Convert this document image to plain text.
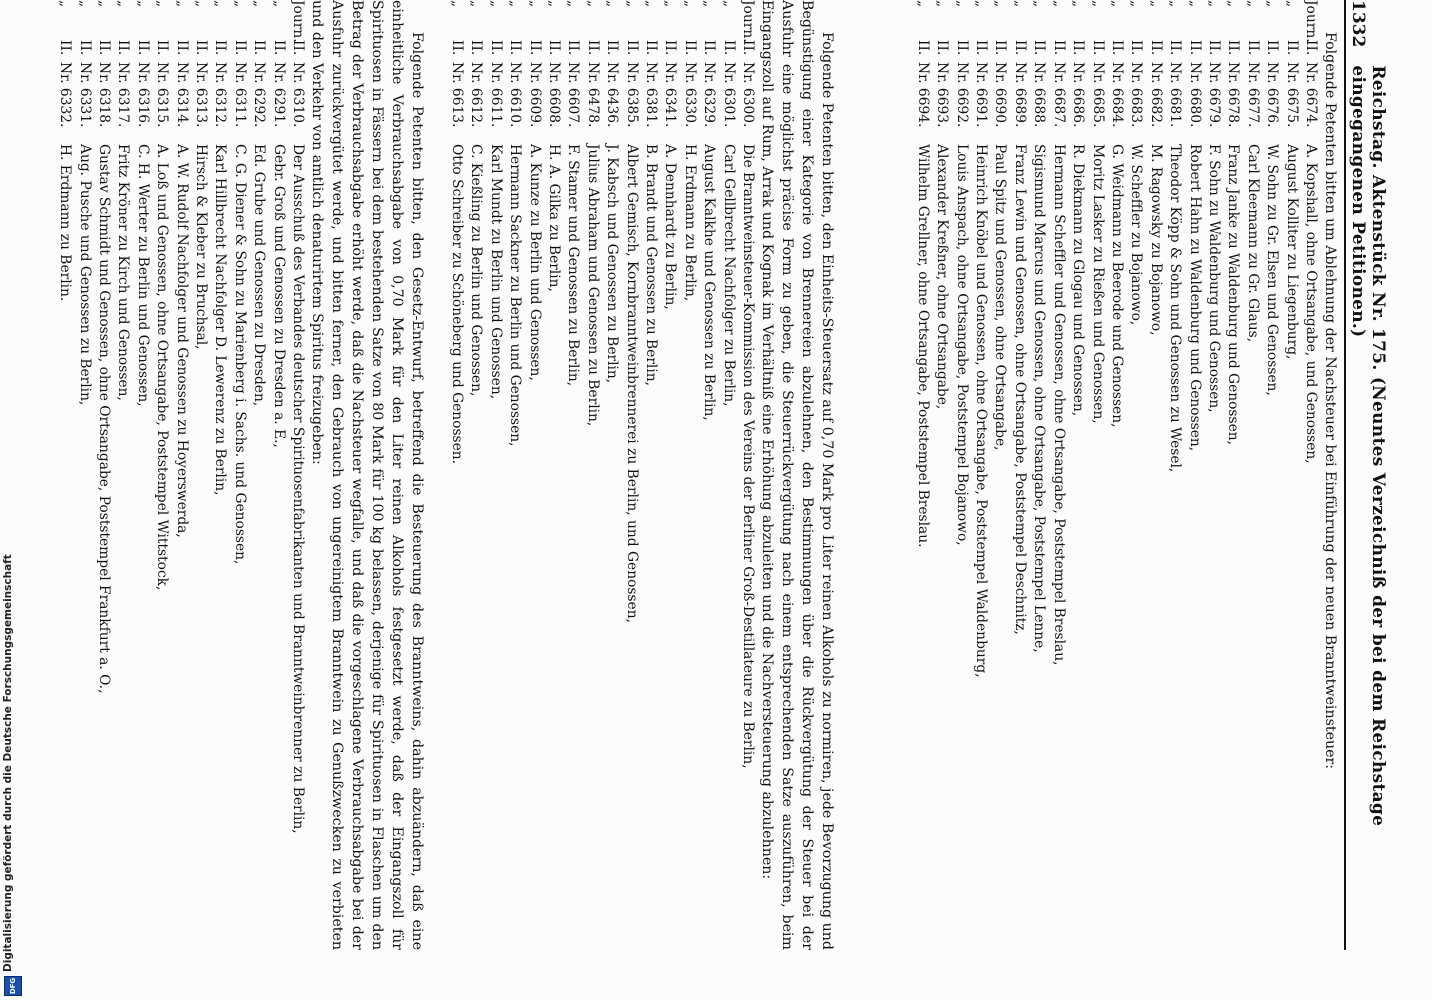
1332
Reichstag. Aktenstück Nr. 175. (Neuntes Verzeichniß der bei dem Reichstage eingegangenen Petitionen.)
Folgende Petenten bitten um Ablehnung der Nachsteuer bei Einführung der neuen Branntweinsteuer:
Journ.
II.
Nr. 6674.
A. Kopshall, ohne Ortsangabe, und Genossen,
„
II.
Nr. 6675.
August Kolliter zu Liegenburg,
„
II.
Nr. 6676.
W. Sohn zu Gr. Elsen und Genossen,
„
II.
Nr. 6677.
Carl Kleemann zu Gr. Glaus,
„
II.
Nr. 6678.
Franz Janke zu Waldenburg und Genossen,
„
II.
Nr. 6679.
F. Sohn zu Waldenburg und Genossen,
„
II.
Nr. 6680.
Robert Hahn zu Waldenburg und Genossen,
„
II.
Nr. 6681.
Theodor Köpp & Sohn und Genossen zu Wesel,
„
II.
Nr. 6682.
M. Ragowsky zu Bojanowo,
„
II.
Nr. 6683.
W. Scheffler zu Bojanowo,
„
II.
Nr. 6684.
G. Weidmann zu Beerode und Genossen,
„
II.
Nr. 6685.
Moritz Lasker zu Rießen und Genossen,
„
II.
Nr. 6686.
R. Diekmann zu Glogau und Genossen,
„
II.
Nr. 6687.
Hermann Scheffler und Genossen, ohne Ortsangabe, Poststempel Breslau,
„
II.
Nr. 6688.
Sigismund Marcus und Genossen, ohne Ortsangabe, Poststempel Lenne,
„
II.
Nr. 6689.
Franz Lewin und Genossen, ohne Ortsangabe, Poststempel Deschnitz,
„
II.
Nr. 6690.
Paul Spitz und Genossen, ohne Ortsangabe,
„
II.
Nr. 6691.
Heinrich Knöbel und Genossen, ohne Ortsangabe, Poststempel Waldenburg,
„
II.
Nr. 6692.
Louis Anspach, ohne Ortsangabe, Poststempel Bojanowo,
„
II.
Nr. 6693.
Alexander Kreßner, ohne Ortsangabe,
„
II.
Nr. 6694.
Wilhelm Grellner, ohne Ortsangabe, Poststempel Breslau.
Folgende Petenten bitten, den Einheits-Steuersatz auf 0,70 Mark pro Liter reinen Alkohols zu normiren, jede Bevorzugung und Begünstigung einer Kategorie von Brennereien abzulehnen, den Bestimmungen über die Rückvergütung der Steuer bei der Ausfuhr eine möglichst präcise Form zu geben, die Steuerrückvergütung nach einem entsprechenden Satze auszuführen, beim Eingangszoll auf Rum, Arrak und Kognak im Verhältniß eine Erhöhung abzuleiten und die Nachversteuerung abzulehnen:
Journ.
II.
Nr. 6300.
Die Branntweinsteuer-Kommission des Vereins der Berliner Groß-Destillateure zu Berlin,
„
II.
Nr. 6301.
Carl Gellbrecht Nachfolger zu Berlin,
„
II.
Nr. 6329.
August Kalkhe und Genossen zu Berlin,
„
II.
Nr. 6330.
H. Erdmann zu Berlin,
„
II.
Nr. 6341.
A. Dennhardt zu Berlin,
„
II.
Nr. 6381.
B. Brandt und Genossen zu Berlin,
„
II.
Nr. 6385.
Albert Gemisch, Kornbranntweinbrennerei zu Berlin, und Genossen,
„
II.
Nr. 6436.
J. Kabsch und Genossen zu Berlin,
„
II.
Nr. 6478.
Julius Abraham und Genossen zu Berlin,
„
II.
Nr. 6607.
F. Stamer und Genossen zu Berlin,
„
II.
Nr. 6608.
H. A. Gilka zu Berlin,
„
II.
Nr. 6609.
A. Kunze zu Berlin und Genossen,
„
II.
Nr. 6610.
Hermann Sackner zu Berlin und Genossen,
„
II.
Nr. 6611.
Karl Mundt zu Berlin und Genossen,
„
II.
Nr. 6612.
C. Kießling zu Berlin und Genossen,
„
II.
Nr. 6613.
Otto Schreiber zu Schöneberg und Genossen.
Folgende Petenten bitten, den Gesetz-Entwurf, betreffend die Besteuerung des Branntweins, dahin abzuändern, daß eine einheitliche Verbrauchsabgabe von 0,70 Mark für den Liter reinen Alkohols festgesetzt werde, daß der Eingangszoll für Spirituosen in Fässern bei dem bestehenden Satze von 80 Mark für 100 kg belassen, derjenige für Spirituosen in Flaschen um den Betrag der Verbrauchsabgabe erhöht werde, daß die Nachsteuer wegfalle, und daß die vorgeschlagene Verbrauchsabgabe bei der Ausfuhr zurückvergütet werde, und bitten ferner, den Gebrauch von ungereinigtem Branntwein zu Genußzwecken zu verbieten und den Verkehr von amtlich denaturirtem Spiritus freizugeben:
Journ.
II.
Nr. 6310.
Der Ausschuß des Verbandes deutscher Spirituosenfabrikanten und Branntweinbrenner zu Berlin,
„
II.
Nr. 6291.
Gebr. Groß und Genossen zu Dresden a. E.,
„
II.
Nr. 6292.
Ed. Grube und Genossen zu Dresden,
„
II.
Nr. 6311.
C. G. Diener & Sohn zu Marienberg i. Sachs. und Genossen,
„
II.
Nr. 6312.
Karl Hillbrecht Nachfolger D. Lewerenz zu Berlin,
„
II.
Nr. 6313.
Hirsch & Kleber zu Bruchsal,
„
II.
Nr. 6314.
A. W. Rudolf Nachfolger und Genossen zu Hoyerswerda,
„
II.
Nr. 6315.
A. Loß und Genossen, ohne Ortsangabe, Poststempel Wittstock,
„
II.
Nr. 6316.
C. H. Werter zu Berlin und Genossen,
„
II.
Nr. 6317.
Fritz Kröner zu Kirch und Genossen,
„
II.
Nr. 6318.
Gustav Schmidt und Genossen, ohne Ortsangabe, Poststempel Frankfurt a. O.,
„
II.
Nr. 6331.
Aug. Pusche und Genossen zu Berlin,
„
II.
Nr. 6332.
H. Erdmann zu Berlin.
Digitalisierung gefördert durch die Deutsche Forschungsgemeinschaft
DFG
